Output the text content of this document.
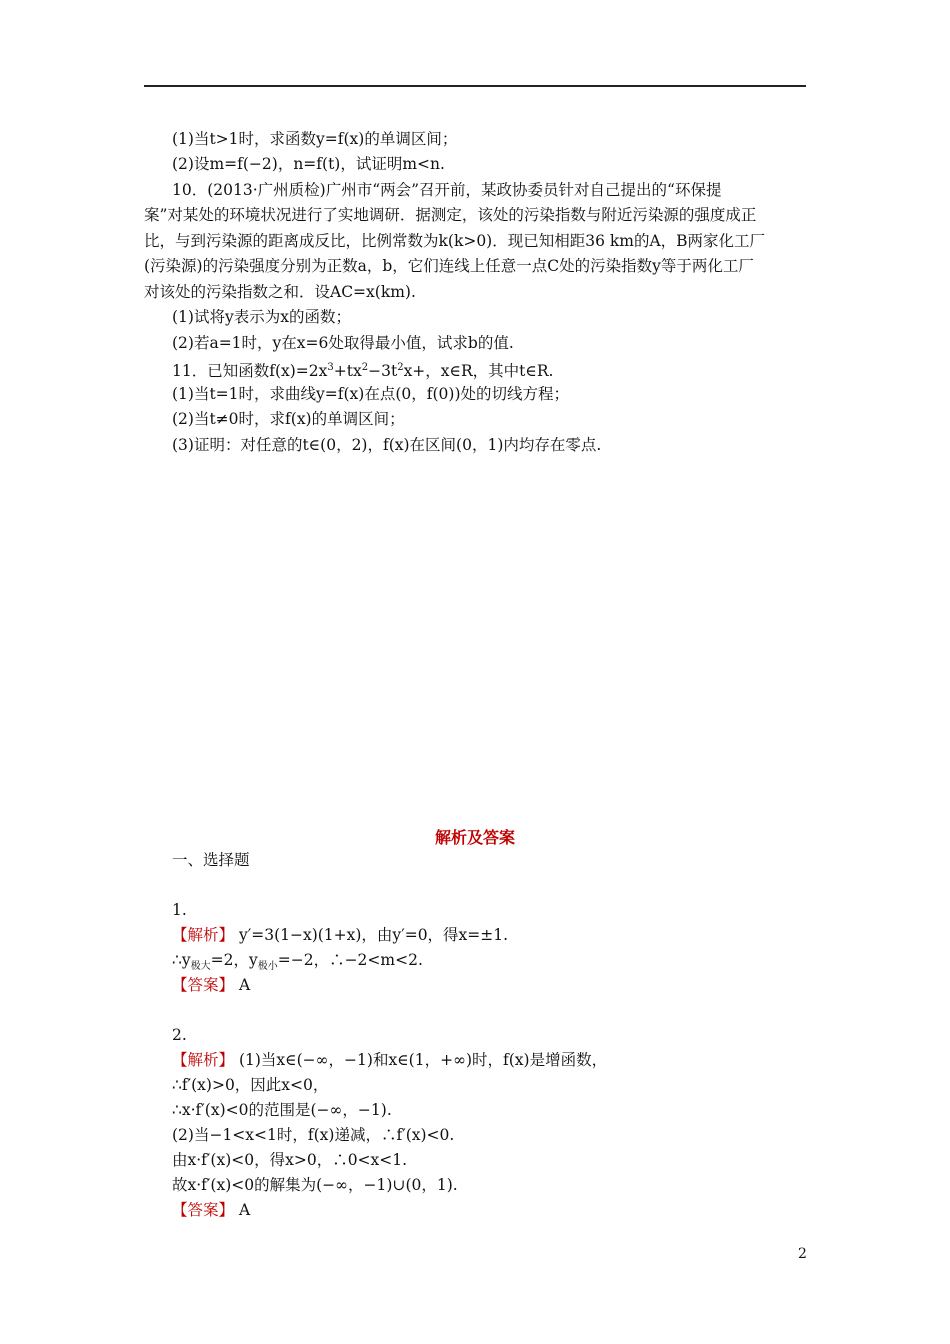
(1)当t>1时，求函数y=f(x)的单调区间；
(2)设m=f(−2)，n=f(t)，试证明m<n.
10．(2013·广州质检)广州市“两会”召开前，某政协委员针对自己提出的“环保提
案”对某处的环境状况进行了实地调研．据测定，该处的污染指数与附近污染源的强度成正
比，与到污染源的距离成反比，比例常数为k(k>0)．现已知相距36 km的A，B两家化工厂
(污染源)的污染强度分别为正数a，b，它们连线上任意一点C处的污染指数y等于两化工厂
对该处的污染指数之和．设AC=x(km).
(1)试将y表示为x的函数；
(2)若a=1时，y在x=6处取得最小值，试求b的值.
11．已知函数$f(x)=2x^3+tx^2-3t^2x+$，x∈R，其中t∈R.
(1)当t=1时，求曲线y=f(x)在点(0，f(0))处的切线方程；
(2)当t≠0时，求f(x)的单调区间；
(3)证明：对任意的t∈(0，2)，f(x)在区间(0，1)内均存在零点.
解析及答案
一、选择题
1.
【解析】 y′=3(1−x)(1+x)，由y′=0，得x=±1.
$\therefore y_{极大}=2$，$y_{极小}=-2$，∴−2<m<2.
【答案】 A
2.
【解析】 (1)当x∈(−∞，−1)和x∈(1，+∞)时，f(x)是增函数，
∴f′(x)>0，因此x<0，
∴x·f′(x)<0的范围是(−∞，−1).
(2)当−1<x<1时，f(x)递减，∴f′(x)<0.
由x·f′(x)<0，得x>0，∴0<x<1.
故x·f′(x)<0的解集为(−∞，−1)∪(0，1).
【答案】 A
2
